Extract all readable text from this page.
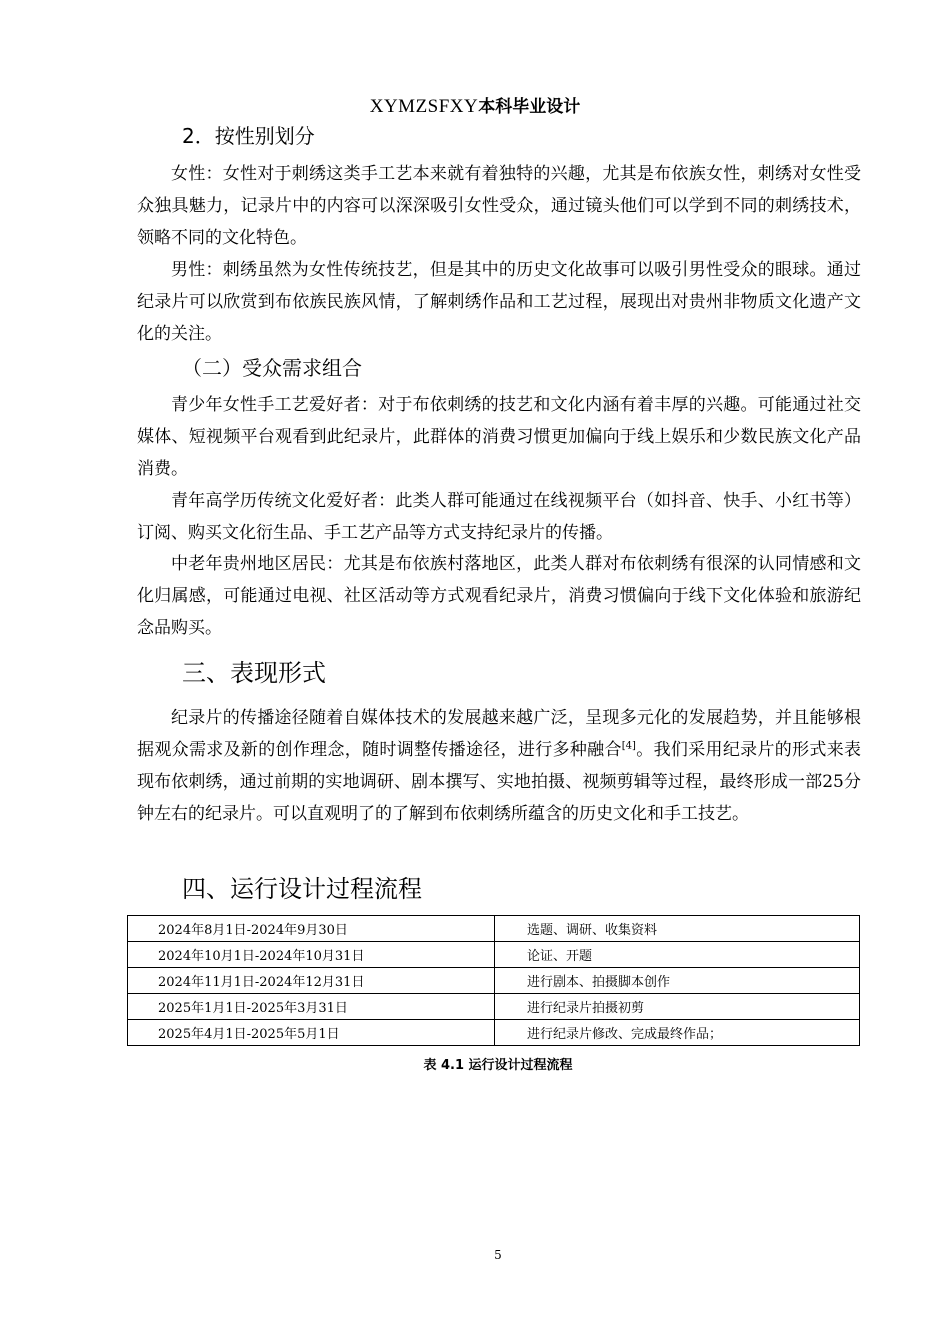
XYMZSFXY本科毕业设计
2．按性别划分

女性：女性对于刺绣这类手工艺本来就有着独特的兴趣，尤其是布依族女性，刺绣对女性受众独具魅力，记录片中的内容可以深深吸引女性受众，通过镜头他们可以学到不同的刺绣技术，领略不同的文化特色。

男性：刺绣虽然为女性传统技艺，但是其中的历史文化故事可以吸引男性受众的眼球。通过纪录片可以欣赏到布依族民族风情，了解刺绣作品和工艺过程，展现出对贵州非物质文化遗产文化的关注。

（二）受众需求组合

青少年女性手工艺爱好者：对于布依刺绣的技艺和文化内涵有着丰厚的兴趣。可能通过社交媒体、短视频平台观看到此纪录片，此群体的消费习惯更加偏向于线上娱乐和少数民族文化产品消费。

青年高学历传统文化爱好者：此类人群可能通过在线视频平台（如抖音、快手、小红书等）订阅、购买文化衍生品、手工艺产品等方式支持纪录片的传播。

中老年贵州地区居民：尤其是布依族村落地区，此类人群对布依刺绣有很深的认同情感和文化归属感，可能通过电视、社区活动等方式观看纪录片，消费习惯偏向于线下文化体验和旅游纪念品购买。

三、表现形式

纪录片的传播途径随着自媒体技术的发展越来越广泛，呈现多元化的发展趋势，并且能够根据观众需求及新的创作理念，随时调整传播途径，进行多种融合[4]。我们采用纪录片的形式来表现布依刺绣，通过前期的实地调研、剧本撰写、实地拍摄、视频剪辑等过程，最终形成一部25分钟左右的纪录片。可以直观明了的了解到布依刺绣所蕴含的历史文化和手工技艺。

四、运行设计过程流程
2024年8月1日-2024年9月30日	选题、调研、收集资料
2024年10月1日-2024年10月31日	论证、开题
2024年11月1日-2024年12月31日	进行剧本、拍摄脚本创作
2025年1月1日-2025年3月31日	进行纪录片拍摄初剪
2025年4月1日-2025年5月1日	进行纪录片修改、完成最终作品；
表 4.1 运行设计过程流程
5
